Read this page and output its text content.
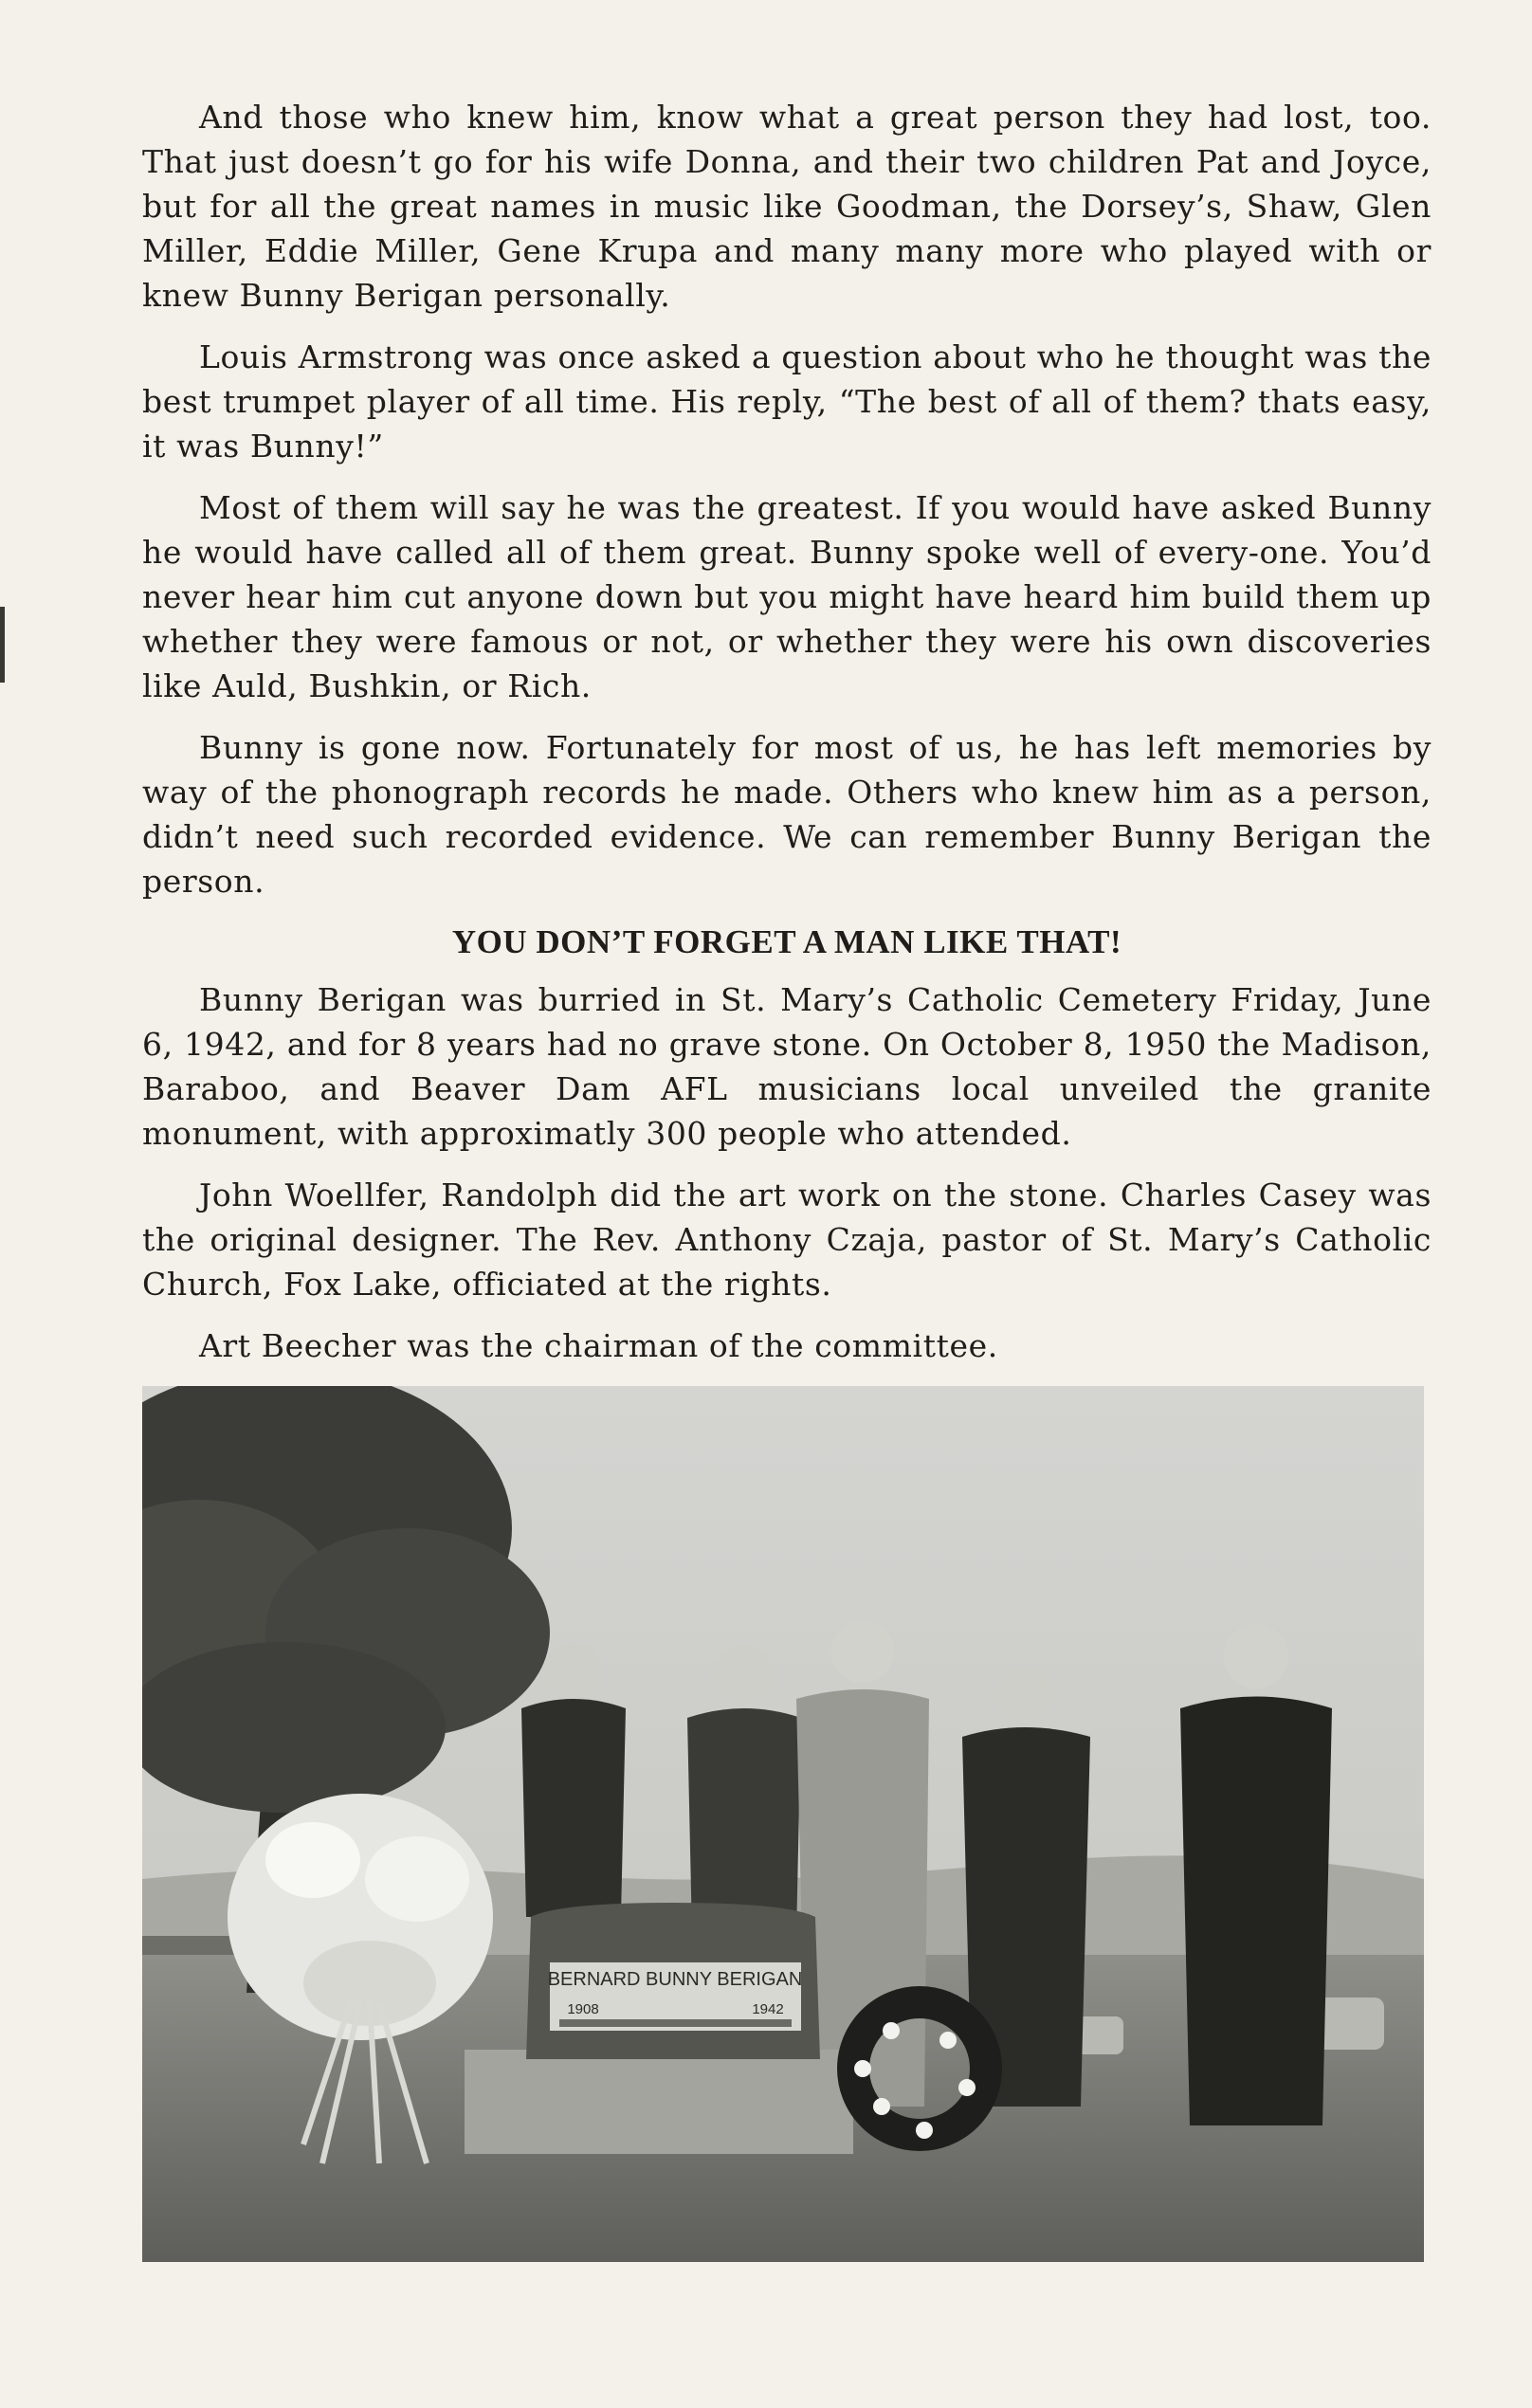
And those who knew him, know what a great person they had lost, too. That just doesn’t go for his wife Donna, and their two children Pat and Joyce, but for all the great names in music like Goodman, the Dorsey’s, Shaw, Glen Miller, Eddie Miller, Gene Krupa and many many more who played with or knew Bunny Berigan personally.

Louis Armstrong was once asked a question about who he thought was the best trumpet player of all time. His reply, “The best of all of them? thats easy, it was Bunny!”

Most of them will say he was the greatest. If you would have asked Bunny he would have called all of them great. Bunny spoke well of every-one. You’d never hear him cut anyone down but you might have heard him build them up whether they were famous or not, or whether they were his own discoveries like Auld, Bushkin, or Rich.

Bunny is gone now. Fortunately for most of us, he has left memories by way of the phonograph records he made. Others who knew him as a person, didn’t need such recorded evidence. We can remember Bunny Berigan the person.

YOU DON’T FORGET A MAN LIKE THAT!

Bunny Berigan was burried in St. Mary’s Catholic Cemetery Friday, June 6, 1942, and for 8 years had no grave stone. On October 8, 1950 the Madison, Baraboo, and Beaver Dam AFL musicians local unveiled the granite monument, with approximatly 300 people who attended.

John Woellfer, Randolph did the art work on the stone. Charles Casey was the original designer. The Rev. Anthony Czaja, pastor of St. Mary’s Catholic Church, Fox Lake, officiated at the rights.

Art Beecher was the chairman of the committee.

BERNARD BUNNY BERIGAN
1908	1942
